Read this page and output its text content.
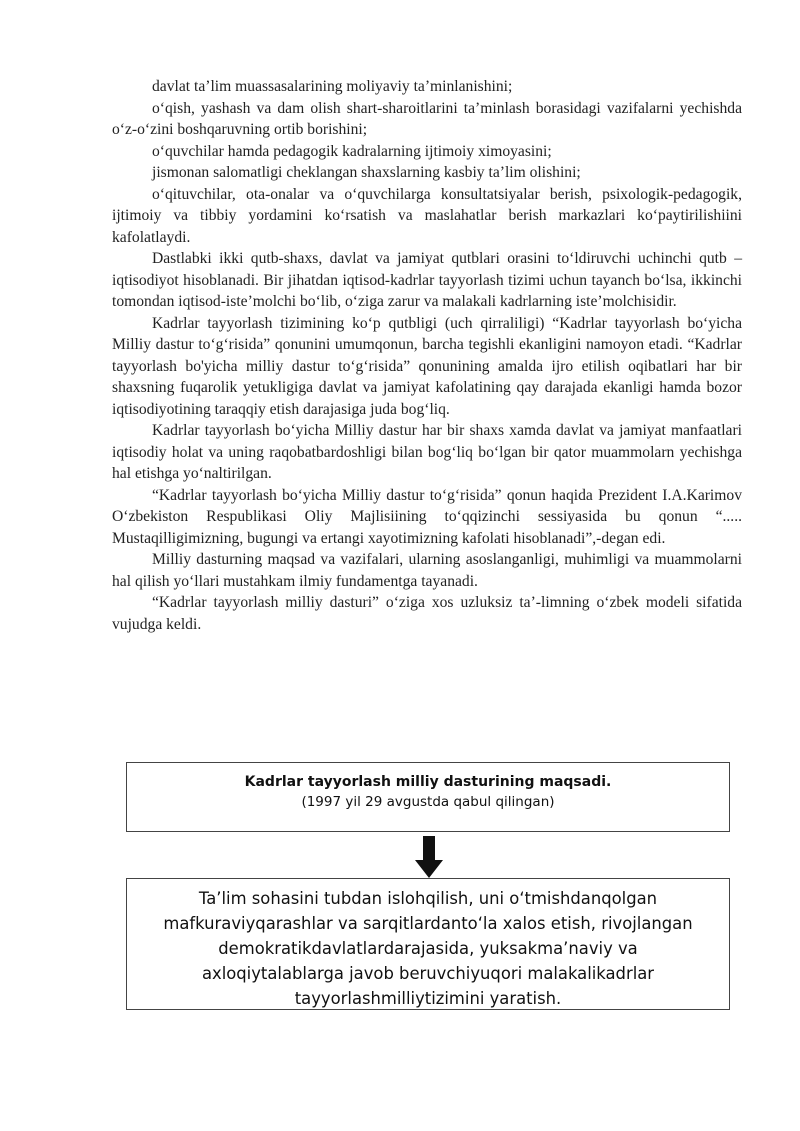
davlat ta’lim muassasalarining moliyaviy ta’minlanishini;

o‘qish, yashash va dam olish shart-sharoitlarini ta’minlash borasidagi vazifalarni yechishda o‘z-o‘zini boshqaruvning ortib borishini;

o‘quvchilar hamda pedagogik kadralarning ijtimoiy ximoyasini;

jismonan salomatligi cheklangan shaxslarning kasbiy ta’lim olishini;

o‘qituvchilar, ota-onalar va o‘quvchilarga konsultatsiyalar berish, psixologik-pedagogik, ijtimoiy va tibbiy yordamini ko‘rsatish va maslahatlar berish markazlari ko‘paytirilishiini kafolatlaydi.

Dastlabki ikki qutb-shaxs, davlat va jamiyat qutblari orasini to‘ldiruvchi uchinchi qutb –iqtisodiyot hisoblanadi. Bir jihatdan iqtisod-kadrlar tayyorlash tizimi uchun tayanch bo‘lsa, ikkinchi tomondan iqtisod-iste’molchi bo‘lib, o‘ziga zarur va malakali kadrlarning iste’molchisidir.

Kadrlar tayyorlash tizimining ko‘p qutbligi (uch qirraliligi) “Kadrlar tayyorlash bo‘yicha Milliy dastur to‘g‘risida” qonunini umumqonun, barcha tegishli ekanligini namoyon etadi. “Kadrlar tayyorlash bo'yicha milliy dastur to‘g‘risida” qonunining amalda ijro etilish oqibatlari har bir shaxsning fuqarolik yetukligiga davlat va jamiyat kafolatining qay darajada ekanligi hamda bozor iqtisodiyotining taraqqiy etish darajasiga juda bog‘liq.

Kadrlar tayyorlash bo‘yicha Milliy dastur har bir shaxs xamda davlat va jamiyat manfaatlari iqtisodiy holat va uning raqobatbardoshligi bilan bog‘liq bo‘lgan bir qator muammolarn yechishga hal etishga yo‘naltirilgan.

“Kadrlar tayyorlash bo‘yicha Milliy dastur to‘g‘risida” qonun haqida Prezident I.A.Karimov O‘zbekiston Respublikasi Oliy Majlisiining to‘qqizinchi sessiyasida bu qonun “..... Mustaqilligimizning, bugungi va ertangi xayotimizning kafolati hisoblanadi”,-degan edi.

Milliy dasturning maqsad va vazifalari, ularning asoslanganligi, muhimligi va muammolarni hal qilish yo‘llari mustahkam ilmiy fundamentga tayanadi.

“Kadrlar tayyorlash milliy dasturi” o‘ziga xos uzluksiz ta’-limning o‘zbek modeli sifatida vujudga keldi.

Kadrlar tayyorlash milliy dasturining maqsadi.
(1997 yil 29 avgustda qabul qilingan)
Ta’lim sohasini tubdan islohqilish, uni o‘tmishdanqolgan
mafkuraviyqarashlar va sarqitlardanto‘la xalos etish, rivojlangan
demokratikdavlatlardarajasida, yuksakma’naviy va
axloqiytalablarga javob beruvchiyuqori malakalikadrlar
tayyorlashmilliytizimini yaratish.
